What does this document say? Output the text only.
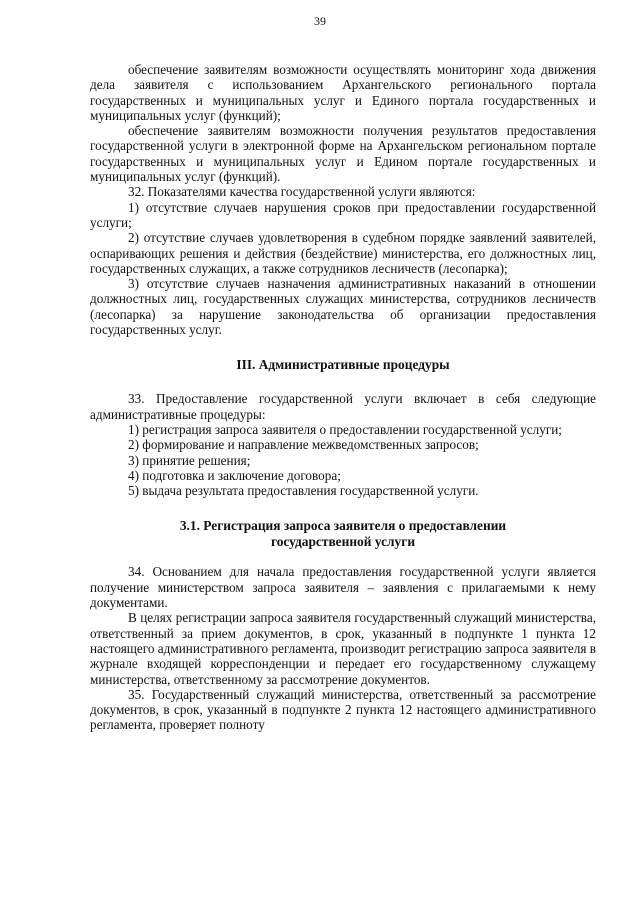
39

обеспечение заявителям возможности осуществлять мониторинг хода движения дела заявителя с использованием Архангельского регионального портала государственных и муниципальных услуг и Единого портала государственных и муниципальных услуг (функций);

обеспечение заявителям возможности получения результатов предоставления государственной услуги в электронной форме на Архангельском региональном портале государственных и муниципальных услуг и Едином портале государственных и муниципальных услуг (функций).

32. Показателями качества государственной услуги являются:

1) отсутствие случаев нарушения сроков при предоставлении государственной услуги;

2) отсутствие случаев удовлетворения в судебном порядке заявлений заявителей, оспаривающих решения и действия (бездействие) министерства, его должностных лиц, государственных служащих, а также сотрудников лесничеств (лесопарка);

3) отсутствие случаев назначения административных наказаний в отношении должностных лиц, государственных служащих министерства, сотрудников лесничеств (лесопарка) за нарушение законодательства об организации предоставления государственных услуг.

III. Административные процедуры

33. Предоставление государственной услуги включает в себя следующие административные процедуры:

1) регистрация запроса заявителя о предоставлении государственной услуги;

2) формирование и направление межведомственных запросов;

3) принятие решения;

4) подготовка и заключение договора;

5) выдача результата предоставления государственной услуги.

3.1. Регистрация запроса заявителя о предоставлении
государственной услуги

34. Основанием для начала предоставления государственной услуги является получение министерством запроса заявителя – заявления с прилагаемыми к нему документами.

В целях регистрации запроса заявителя государственный служащий министерства, ответственный за прием документов, в срок, указанный в подпункте 1 пункта 12 настоящего административного регламента, производит регистрацию запроса заявителя в журнале входящей корреспонденции и передает его государственному служащему министерства, ответственному за рассмотрение документов.

35. Государственный служащий министерства, ответственный за рассмотрение документов, в срок, указанный в подпункте 2 пункта 12 настоящего административного регламента, проверяет полноту
